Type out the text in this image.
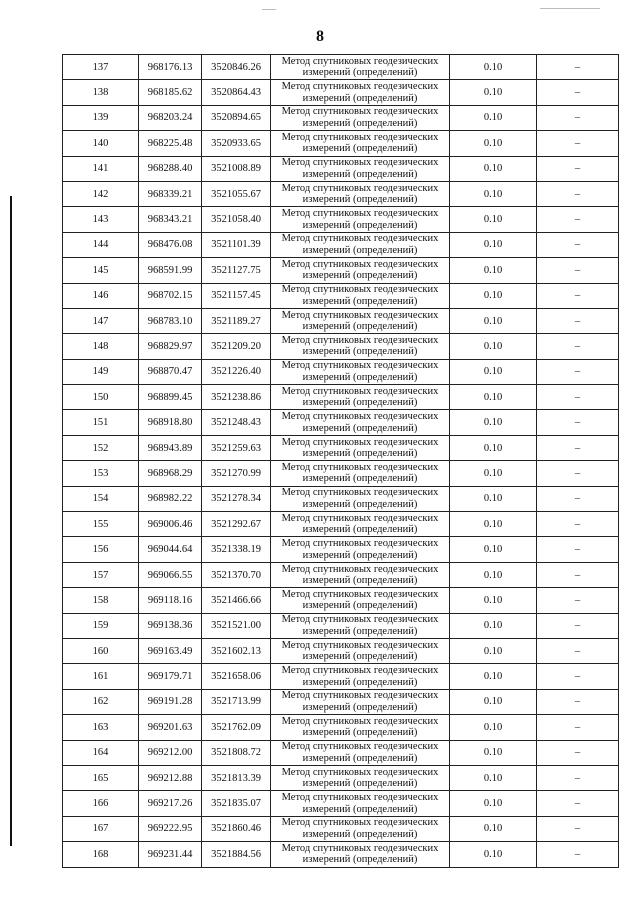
8
137	968176.13	3520846.26	Метод спутниковых геодезических измерений (определений)	0.10	–
138	968185.62	3520864.43	Метод спутниковых геодезических измерений (определений)	0.10	–
139	968203.24	3520894.65	Метод спутниковых геодезических измерений (определений)	0.10	–
140	968225.48	3520933.65	Метод спутниковых геодезических измерений (определений)	0.10	–
141	968288.40	3521008.89	Метод спутниковых геодезических измерений (определений)	0.10	–
142	968339.21	3521055.67	Метод спутниковых геодезических измерений (определений)	0.10	–
143	968343.21	3521058.40	Метод спутниковых геодезических измерений (определений)	0.10	–
144	968476.08	3521101.39	Метод спутниковых геодезических измерений (определений)	0.10	–
145	968591.99	3521127.75	Метод спутниковых геодезических измерений (определений)	0.10	–
146	968702.15	3521157.45	Метод спутниковых геодезических измерений (определений)	0.10	–
147	968783.10	3521189.27	Метод спутниковых геодезических измерений (определений)	0.10	–
148	968829.97	3521209.20	Метод спутниковых геодезических измерений (определений)	0.10	–
149	968870.47	3521226.40	Метод спутниковых геодезических измерений (определений)	0.10	–
150	968899.45	3521238.86	Метод спутниковых геодезических измерений (определений)	0.10	–
151	968918.80	3521248.43	Метод спутниковых геодезических измерений (определений)	0.10	–
152	968943.89	3521259.63	Метод спутниковых геодезических измерений (определений)	0.10	–
153	968968.29	3521270.99	Метод спутниковых геодезических измерений (определений)	0.10	–
154	968982.22	3521278.34	Метод спутниковых геодезических измерений (определений)	0.10	–
155	969006.46	3521292.67	Метод спутниковых геодезических измерений (определений)	0.10	–
156	969044.64	3521338.19	Метод спутниковых геодезических измерений (определений)	0.10	–
157	969066.55	3521370.70	Метод спутниковых геодезических измерений (определений)	0.10	–
158	969118.16	3521466.66	Метод спутниковых геодезических измерений (определений)	0.10	–
159	969138.36	3521521.00	Метод спутниковых геодезических измерений (определений)	0.10	–
160	969163.49	3521602.13	Метод спутниковых геодезических измерений (определений)	0.10	–
161	969179.71	3521658.06	Метод спутниковых геодезических измерений (определений)	0.10	–
162	969191.28	3521713.99	Метод спутниковых геодезических измерений (определений)	0.10	–
163	969201.63	3521762.09	Метод спутниковых геодезических измерений (определений)	0.10	–
164	969212.00	3521808.72	Метод спутниковых геодезических измерений (определений)	0.10	–
165	969212.88	3521813.39	Метод спутниковых геодезических измерений (определений)	0.10	–
166	969217.26	3521835.07	Метод спутниковых геодезических измерений (определений)	0.10	–
167	969222.95	3521860.46	Метод спутниковых геодезических измерений (определений)	0.10	–
168	969231.44	3521884.56	Метод спутниковых геодезических измерений (определений)	0.10	–
